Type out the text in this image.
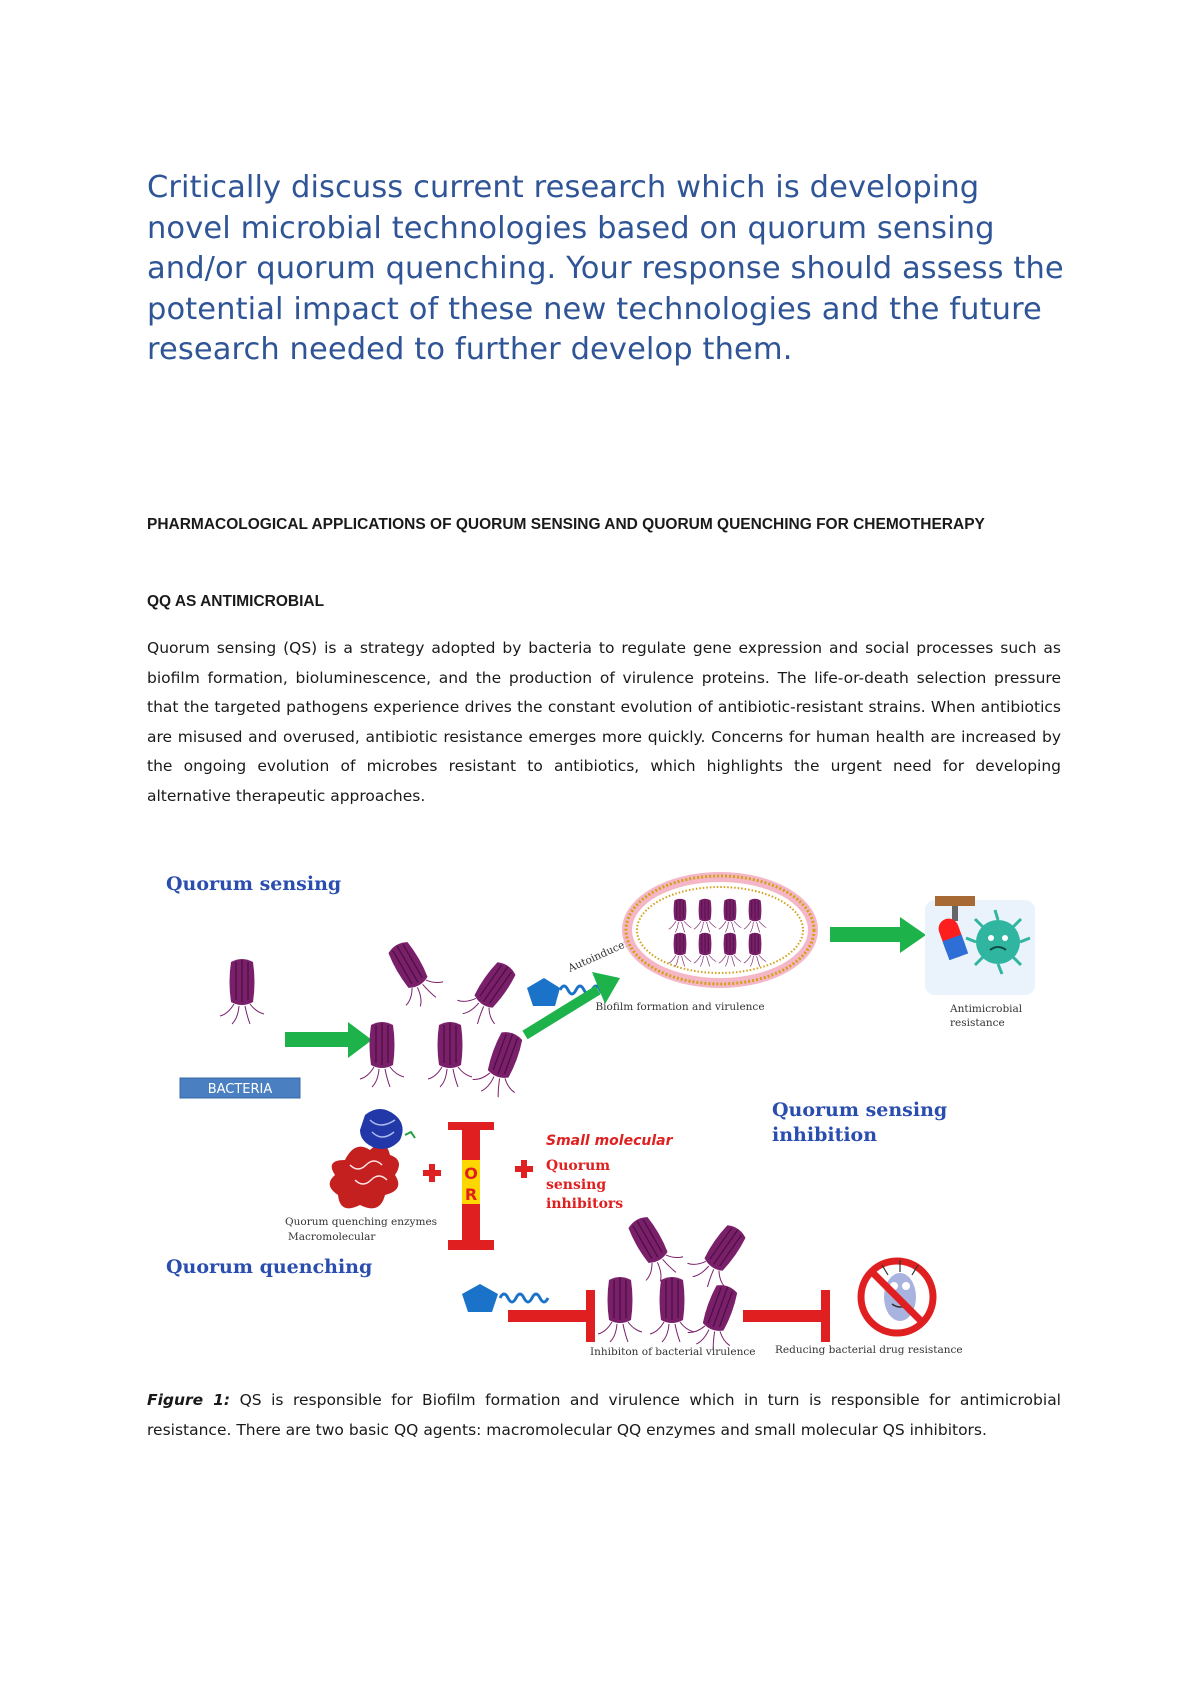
Critically discuss current research which is developing novel microbial technologies based on quorum sensing and/or quorum quenching. Your response should assess the potential impact of these new technologies and the future research needed to further develop them.

PHARMACOLOGICAL APPLICATIONS OF QUORUM SENSING AND QUORUM QUENCHING FOR CHEMOTHERAPY
QQ AS ANTIMICROBIAL

Quorum sensing (QS) is a strategy adopted by bacteria to regulate gene expression and social processes such as biofilm formation, bioluminescence, and the production of virulence proteins. The life-or-death selection pressure that the targeted pathogens experience drives the constant evolution of antibiotic-resistant strains. When antibiotics are misused and overused, antibiotic resistance emerges more quickly. Concerns for human health are increased by the ongoing evolution of microbes resistant to antibiotics, which highlights the urgent need for developing alternative therapeutic approaches.

Quorum sensing
BACTERIA
Autoinducer
Biofilm formation and virulence	Antimicrobial
resistance
Quorum sensing
inhibition
Quorum quenching enzymes
Macromolecular
O
R
Small molecular
Quorum
sensing
inhibitors
Quorum quenching
Inhibiton of bacterial virulence Reducing bacterial drug resistance

Figure 1: QS is responsible for Biofilm formation and virulence which in turn is responsible for antimicrobial resistance. There are two basic QQ agents: macromolecular QQ enzymes and small molecular QS inhibitors.
